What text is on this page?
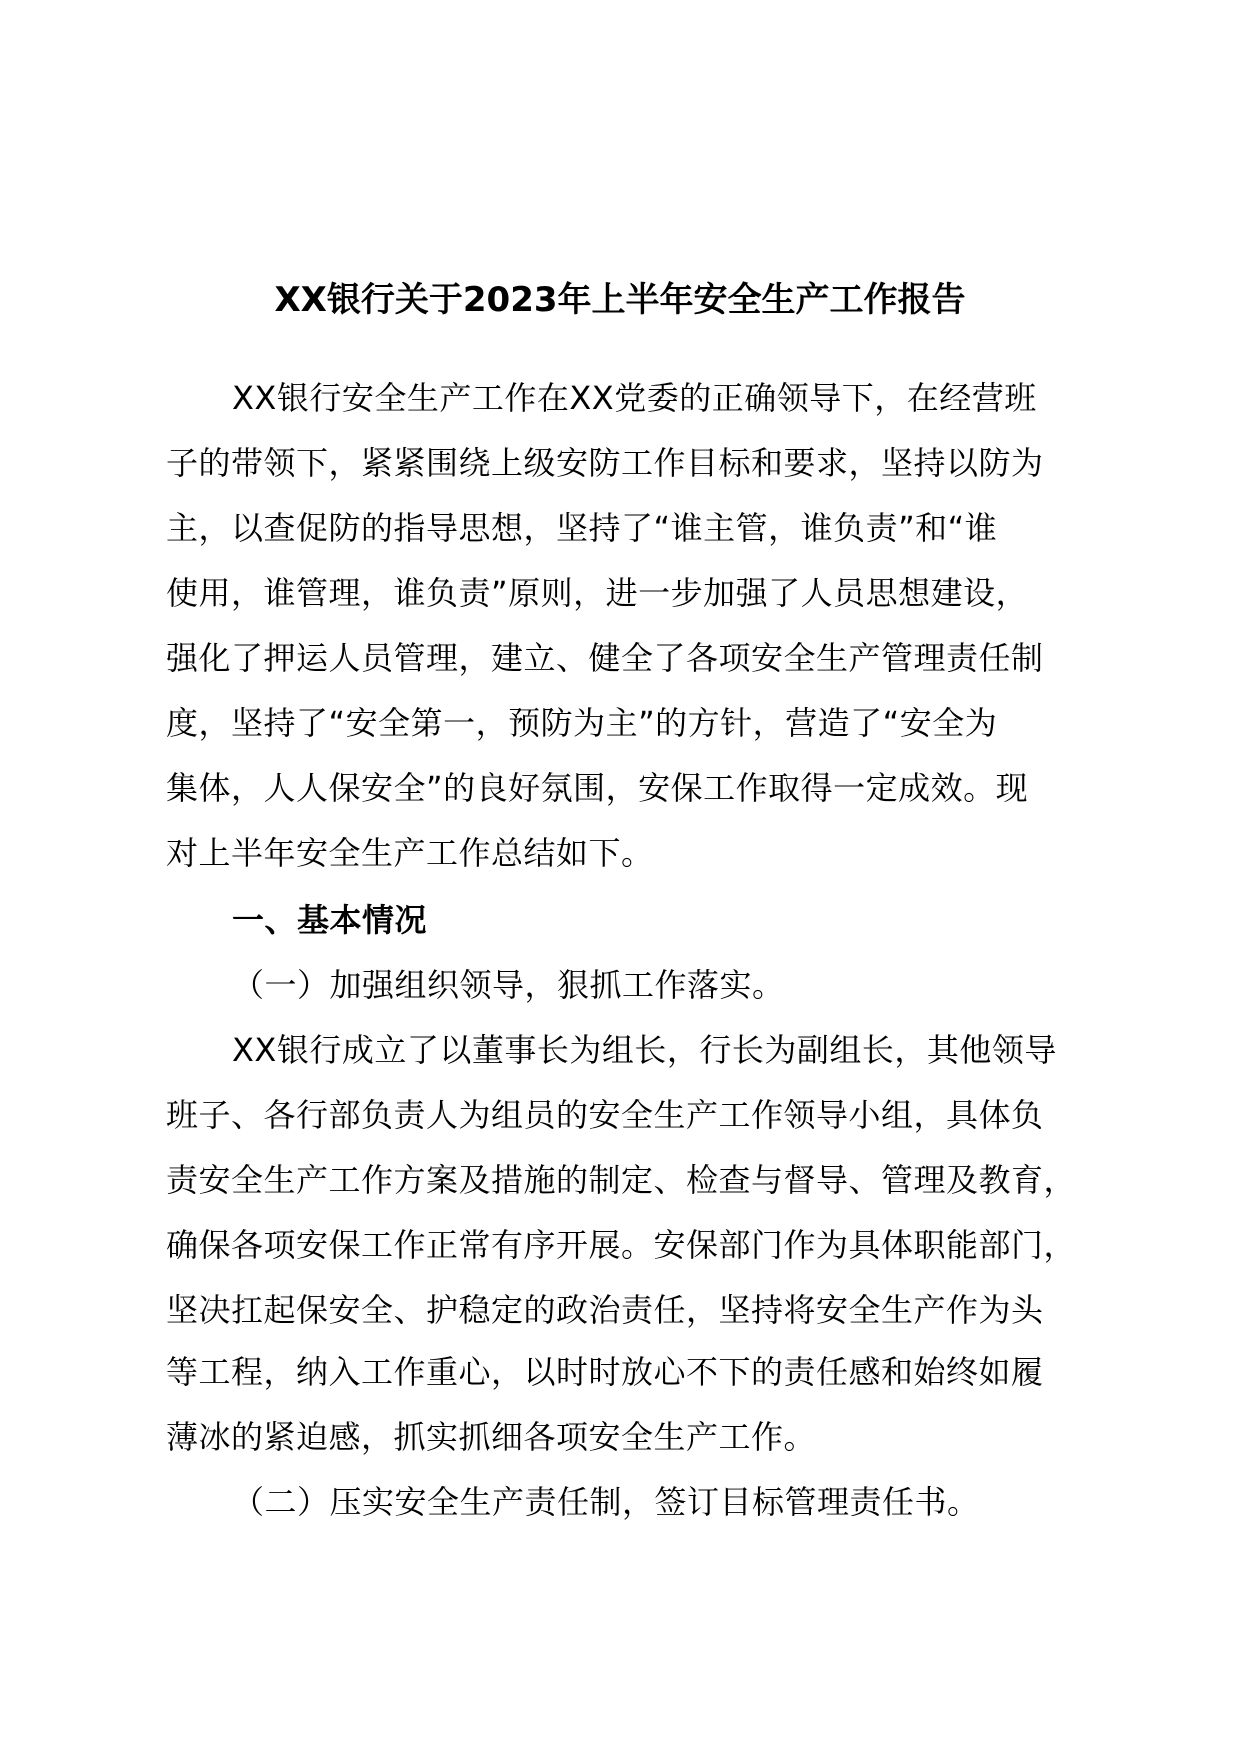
XX银行关于2023年上半年安全生产工作报告
XX银行安全生产工作在XX党委的正确领导下，在经营班
子的带领下，紧紧围绕上级安防工作目标和要求，坚持以防为
主，以查促防的指导思想，坚持了“谁主管，谁负责”和“谁
使用，谁管理，谁负责”原则，进一步加强了人员思想建设，
强化了押运人员管理，建立、健全了各项安全生产管理责任制
度，坚持了“安全第一，预防为主”的方针，营造了“安全为
集体，人人保安全”的良好氛围，安保工作取得一定成效。现
对上半年安全生产工作总结如下。
一、基本情况
（一）加强组织领导，狠抓工作落实。
XX银行成立了以董事长为组长，行长为副组长，其他领导
班子、各行部负责人为组员的安全生产工作领导小组，具体负
责安全生产工作方案及措施的制定、检查与督导、管理及教育，
确保各项安保工作正常有序开展。安保部门作为具体职能部门，
坚决扛起保安全、护稳定的政治责任，坚持将安全生产作为头
等工程，纳入工作重心，以时时放心不下的责任感和始终如履
薄冰的紧迫感，抓实抓细各项安全生产工作。
（二）压实安全生产责任制，签订目标管理责任书。
